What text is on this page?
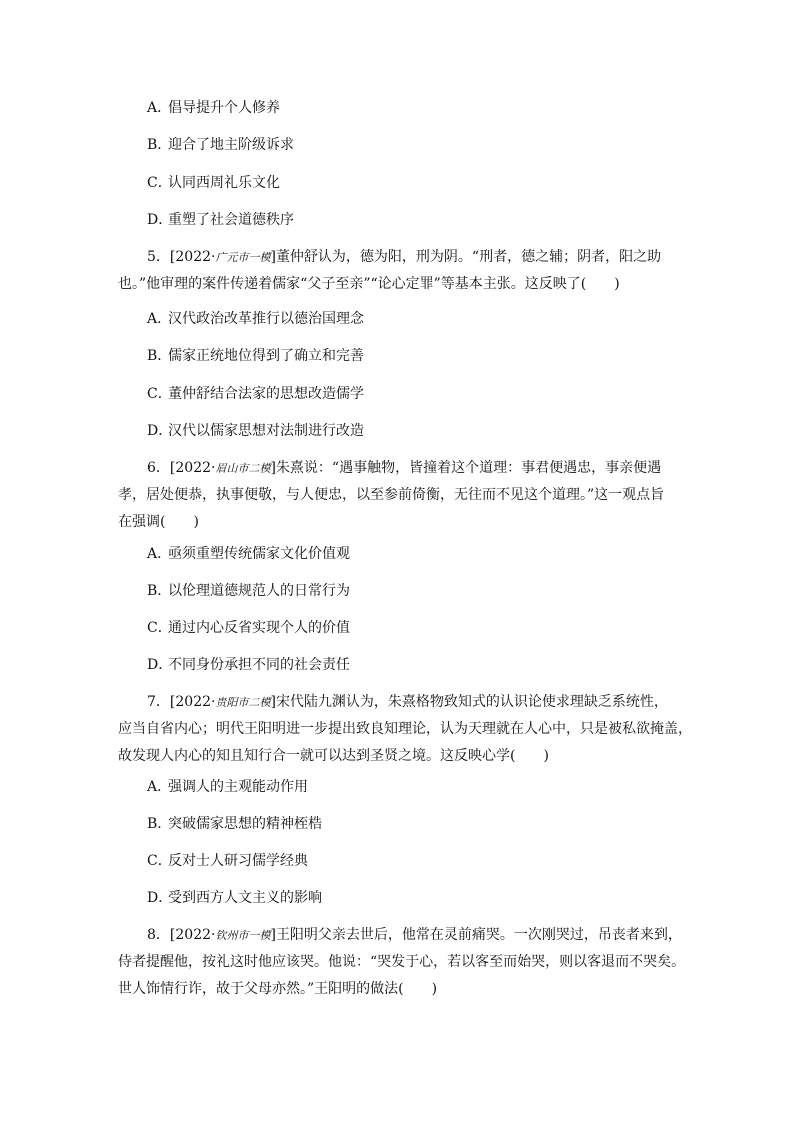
A．倡导提升个人修养
B．迎合了地主阶级诉求
C．认同西周礼乐文化
D．重塑了社会道德秩序
5．[2022·广元市一模]董仲舒认为，德为阳，刑为阴。“刑者，德之辅；阴者，阳之助
也。”他审理的案件传递着儒家“父子至亲”“论心定罪”等基本主张。这反映了(　　)
A．汉代政治改革推行以德治国理念
B．儒家正统地位得到了确立和完善
C．董仲舒结合法家的思想改造儒学
D．汉代以儒家思想对法制进行改造
6．[2022·眉山市二模]朱熹说：“遇事触物，皆撞着这个道理：事君便遇忠，事亲便遇
孝，居处便恭，执事便敬，与人便忠，以至参前倚衡，无往而不见这个道理。”这一观点旨
在强调(　　)
A．亟须重塑传统儒家文化价值观
B．以伦理道德规范人的日常行为
C．通过内心反省实现个人的价值
D．不同身份承担不同的社会责任
7．[2022·贵阳市二模]宋代陆九渊认为，朱熹格物致知式的认识论使求理缺乏系统性，
应当自省内心；明代王阳明进一步提出致良知理论，认为天理就在人心中，只是被私欲掩盖，
故发现人内心的知且知行合一就可以达到圣贤之境。这反映心学(　　)
A．强调人的主观能动作用
B．突破儒家思想的精神桎梏
C．反对士人研习儒学经典
D．受到西方人文主义的影响
8．[2022·钦州市一模]王阳明父亲去世后，他常在灵前痛哭。一次刚哭过，吊丧者来到，
侍者提醒他，按礼这时他应该哭。他说：“哭发于心，若以客至而始哭，则以客退而不哭矣。
世人饰情行诈，故于父母亦然。”王阳明的做法(　　)
